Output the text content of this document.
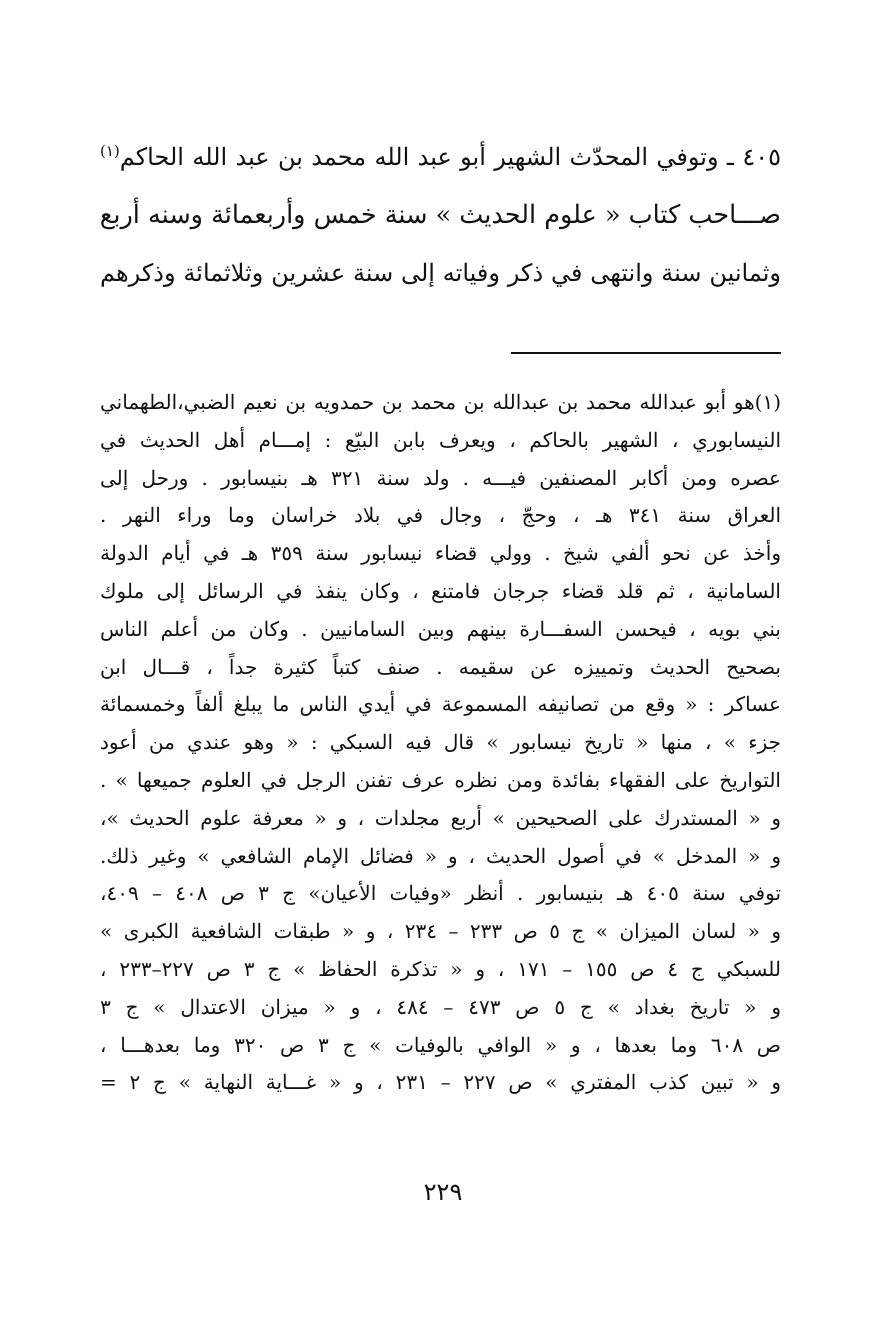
٤٠٥ ـ وتوفي المحدّث الشهير أبو عبد الله محمد بن عبد الله الحاكم$^{(١)}$
صـــاحب كتاب « علوم الحديث » سنة خمس وأربعمائة وسنه أربع
وثمانين سنة وانتهى في ذكر وفياته إلى سنة عشرين وثلاثمائة وذكرهم
(١)هو أبو عبدالله محمد بن عبدالله بن محمد بن حمدويه بن نعيم الضبي،الطهماني
النيسابوري ، الشهير بالحاكم ، ويعرف بابن البيّع : إمـــام أهل الحديث في
عصره ومن أكابر المصنفين فيـــه . ولد سنة ٣٢١ هـ بنيسابور . ورحل إلى
العراق سنة ٣٤١ هـ ، وحجّ ، وجال في بلاد خراسان وما وراء النهر .
وأخذ عن نحو ألفي شيخ . وولي قضاء نيسابور سنة ٣٥٩ هـ في أيام الدولة
السامانية ، ثم قلد قضاء جرجان فامتنع ، وكان ينفذ في الرسائل إلى ملوك
بني بويه ، فيحسن السفـــارة بينهم وبين السامانيين . وكان من أعلم الناس
بصحيح الحديث وتمييزه عن سقيمه . صنف كتباً كثيرة جداً ، قـــال ابن
عساكر : « وقع من تصانيفه المسموعة في أيدي الناس ما يبلغ ألفاً وخمسمائة
جزء » ، منها « تاريخ نيسابور » قال فيه السبكي : « وهو عندي من أعود
التواريخ على الفقهاء بفائدة ومن نظره عرف تفنن الرجل في العلوم جميعها » .
و « المستدرك على الصحيحين » أربع مجلدات ، و « معرفة علوم الحديث »،
و « المدخل » في أصول الحديث ، و « فضائل الإمام الشافعي » وغير ذلك.
توفي سنة ٤٠٥ هـ بنيسابور . أنظر «وفيات الأعيان» ج ٣ ص ٤٠٨ – ٤٠٩،
و « لسان الميزان » ج ٥ ص ٢٣٣ – ٢٣٤ ، و « طبقات الشافعية الكبرى »
للسبكي ج ٤ ص ١٥٥ – ١٧١ ، و « تذكرة الحفاظ » ج ٣ ص ٢٢٧–٢٣٣ ،
و « تاريخ بغداد » ج ٥ ص ٤٧٣ – ٤٨٤ ، و « ميزان الاعتدال » ج ٣
ص ٦٠٨ وما بعدها ، و « الوافي بالوفيات » ج ٣ ص ٣٢٠ وما بعدهـــا ،
و « تبين كذب المفتري » ص ٢٢٧ – ٢٣١ ، و « غـــاية النهاية » ج ٢ =
٢٢٩
